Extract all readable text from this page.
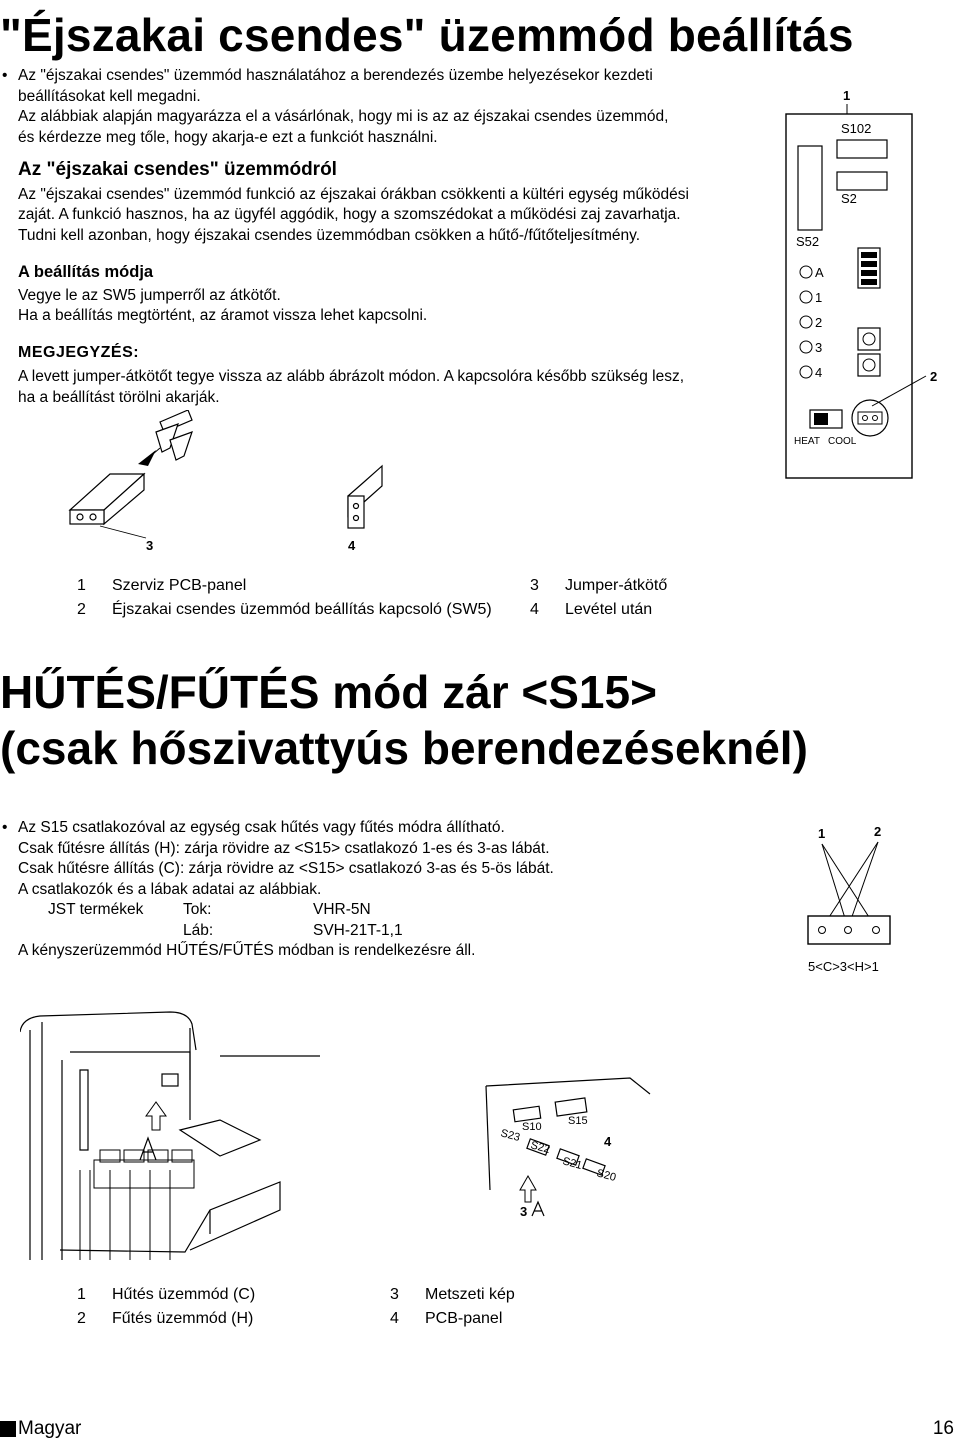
"Éjszakai csendes" üzemmód beállítás
• Az "éjszakai csendes" üzemmód használatához a berendezés üzembe helyezésekor kezdeti

beállításokat kell megadni.

Az alábbiak alapján magyarázza el a vásárlónak, hogy mi is az az éjszakai csendes üzemmód,

és kérdezze meg tőle, hogy akarja-e ezt a funkciót használni.

Az "éjszakai csendes" üzemmódról

Az "éjszakai csendes" üzemmód funkció az éjszakai órákban csökkenti a kültéri egység működési

zaját. A funkció hasznos, ha az ügyfél aggódik, hogy a szomszédokat a működési zaj zavarhatja.

Tudni kell azonban, hogy éjszakai csendes üzemmódban csökken a hűtő-/fűtőteljesítmény.

A beállítás módja

Vegye le az SW5 jumperről az átkötőt.

Ha a beállítás megtörtént, az áramot vissza lehet kapcsolni.

MEGJEGYZÉS:

A levett jumper-átkötőt tegye vissza az alább ábrázolt módon. A kapcsolóra később szükség lesz,

ha a beállítást törölni akarják.

1
S102
S2
S52
A
1
2
3
4	2
HEAT COOL
3	4
1	Szerviz PCB-panel	3	Jumper-átkötő
2	Éjszakai csendes üzemmód beállítás kapcsoló (SW5)	4	Levétel után
HŰTÉS/FŰTÉS mód zár <S15>
(csak hőszivattyús berendezéseknél)
• Az S15 csatlakozóval az egység csak hűtés vagy fűtés módra állítható.

Csak fűtésre állítás (H): zárja rövidre az <S15> csatlakozó 1-es és 3-as lábát.

Csak hűtésre állítás (C): zárja rövidre az <S15> csatlakozó 3-as és 5-ös lábát.

A csatlakozók és a lábak adatai az alábbiak.

JST termékek	Tok:	VHR-5N
Láb:	SVH-21T-1,1

A kényszerüzemmód HŰTÉS/FŰTÉS módban is rendelkezésre áll.

1	2
5<C>3<H>1
S23
S10 S15
S22
S21
S20
4
3
1	Hűtés üzemmód (C)	3	Metszeti kép
2	Fűtés üzemmód (H)	4	PCB-panel
Magyar	16
